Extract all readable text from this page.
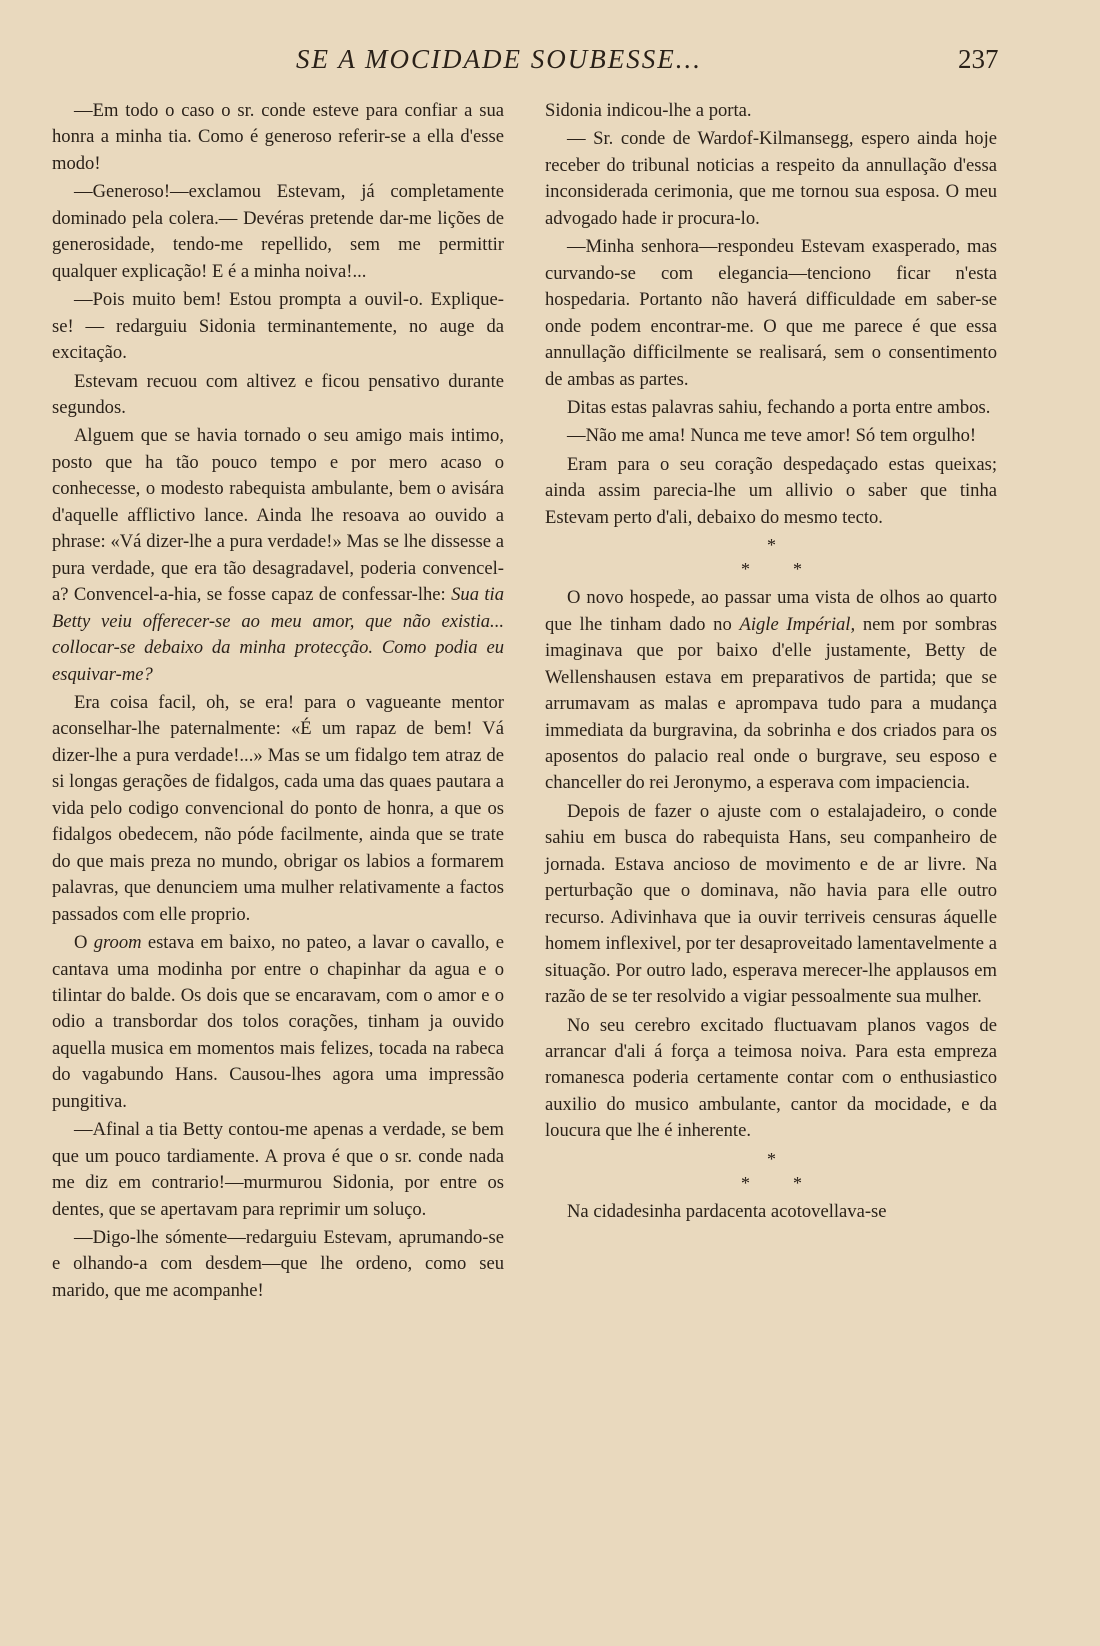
SE A MOCIDADE SOUBESSE...	237

—Em todo o caso o sr. conde esteve para confiar a sua honra a minha tia. Como é generoso referir-se a ella d'esse modo!

—Generoso!—exclamou Estevam, já completamente dominado pela colera.— Devéras pretende dar-me lições de generosidade, tendo-me repellido, sem me permittir qualquer explicação! E é a minha noiva!...

—Pois muito bem! Estou prompta a ouvil-o. Explique-se! — redarguiu Sidonia terminantemente, no auge da excitação.

Estevam recuou com altivez e ficou pensativo durante segundos.

Alguem que se havia tornado o seu amigo mais intimo, posto que ha tão pouco tempo e por mero acaso o conhecesse, o modesto rabequista ambulante, bem o avisára d'aquelle afflictivo lance. Ainda lhe resoava ao ouvido a phrase: «Vá dizer-lhe a pura verdade!» Mas se lhe dissesse a pura verdade, que era tão desagradavel, poderia convencel-a? Convencel-a-hia, se fosse capaz de confessar-lhe: Sua tia Betty veiu offerecer-se ao meu amor, que não existia... collocar-se debaixo da minha protecção. Como podia eu esquivar-me?

Era coisa facil, oh, se era! para o vagueante mentor aconselhar-lhe paternalmente: «É um rapaz de bem! Vá dizer-lhe a pura verdade!...» Mas se um fidalgo tem atraz de si longas gerações de fidalgos, cada uma das quaes pautara a vida pelo codigo convencional do ponto de honra, a que os fidalgos obedecem, não póde facilmente, ainda que se trate do que mais preza no mundo, obrigar os labios a formarem palavras, que denunciem uma mulher relativamente a factos passados com elle proprio.

O groom estava em baixo, no pateo, a lavar o cavallo, e cantava uma modinha por entre o chapinhar da agua e o tilintar do balde. Os dois que se encaravam, com o amor e o odio a transbordar dos tolos corações, tinham ja ouvido aquella musica em momentos mais felizes, tocada na rabeca do vagabundo Hans. Causou-lhes agora uma impressão pungitiva.

—Afinal a tia Betty contou-me apenas a verdade, se bem que um pouco tardiamente. A prova é que o sr. conde nada me diz em contrario!—murmurou Sidonia, por entre os dentes, que se apertavam para reprimir um soluço.

—Digo-lhe sómente—redarguiu Estevam, aprumando-se e olhando-a com desdem—que lhe ordeno, como seu marido, que me acompanhe!

Sidonia indicou-lhe a porta.

— Sr. conde de Wardof-Kilmansegg, espero ainda hoje receber do tribunal noticias a respeito da annullação d'essa inconsiderada cerimonia, que me tornou sua esposa. O meu advogado hade ir procura-lo.

—Minha senhora—respondeu Estevam exasperado, mas curvando-se com elegancia—tenciono ficar n'esta hospedaria. Portanto não haverá difficuldade em saber-se onde podem encontrar-me. O que me parece é que essa annullação difficilmente se realisará, sem o consentimento de ambas as partes.

Ditas estas palavras sahiu, fechando a porta entre ambos.

—Não me ama! Nunca me teve amor! Só tem orgulho!

Eram para o seu coração despedaçado estas queixas; ainda assim parecia-lhe um allivio o saber que tinha Estevam perto d'ali, debaixo do mesmo tecto.

*
* *

O novo hospede, ao passar uma vista de olhos ao quarto que lhe tinham dado no Aigle Impérial, nem por sombras imaginava que por baixo d'elle justamente, Betty de Wellenshausen estava em preparativos de partida; que se arrumavam as malas e aprompava tudo para a mudança immediata da burgravina, da sobrinha e dos criados para os aposentos do palacio real onde o burgrave, seu esposo e chanceller do rei Jeronymo, a esperava com impaciencia.

Depois de fazer o ajuste com o estalajadeiro, o conde sahiu em busca do rabequista Hans, seu companheiro de jornada. Estava ancioso de movimento e de ar livre. Na perturbação que o dominava, não havia para elle outro recurso. Adivinhava que ia ouvir terriveis censuras áquelle homem inflexivel, por ter desaproveitado lamentavelmente a situação. Por outro lado, esperava merecer-lhe applausos em razão de se ter resolvido a vigiar pessoalmente sua mulher.

No seu cerebro excitado fluctuavam planos vagos de arrancar d'ali á força a teimosa noiva. Para esta empreza romanesca poderia certamente contar com o enthusiastico auxilio do musico ambulante, cantor da mocidade, e da loucura que lhe é inherente.

*
* *

Na cidadesinha pardacenta acotovellava-se
